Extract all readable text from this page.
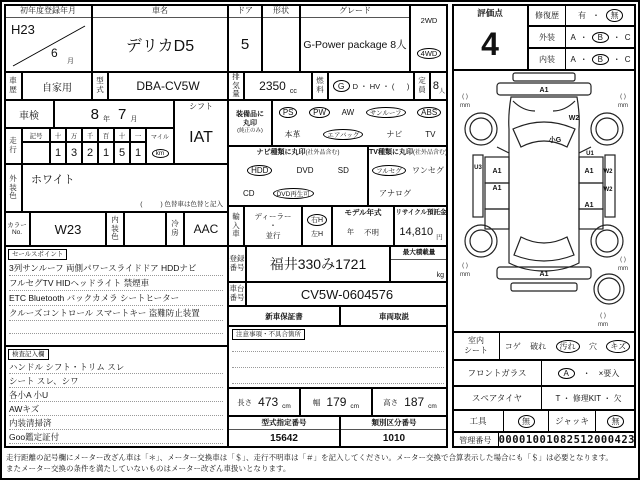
初年度登録年月
H23
6
月
車名
デリカD5
ドア
5
形状	グレード
G-Power package 8人
2WD
4WD
車歴	自家用
型式	DBA-CV5W
排気量
2350 cc
燃料	G	D ・ HV ・ (      )
定員 8 人
車検	8 年 7 月
シフト
IAT
走行
記号	十	万	千	百	十	一
1 3 2 1 5 1
マイル
km
外装色
ホワイト
(          ) 色替車は色替と記入
カラー
No.	W23
内装色
冷房	AAC
セールスポイント
3列サンルーフ 両側パワースライドドア HDDナビ
フルセグTV HIDヘッドライト 禁煙車
ETC Bluetooth バックカメラ シートヒーター
クルーズコントロール スマートキー 盗難防止装置
検査記入欄
ハンドル シフト・トリム スレ
シート スレ、シワ
各小A 小U
AWキズ
内装清掃済
Goo鑑定証付
装備品に
丸印
(純正のみ)
PS	PW	AW	サンルーフ	ABS
本革	エアバッグ	ナビ	TV
ナビ種類に丸印(社外品含む)
HDD	DVD	SD
CD	DVD再生可
TV種類に丸印(社外品含む)
フルセグ	ワンセグ
アナログ
輸入車
ディーラー
・
並行
右H
左H
モデル年式
年 不明
リサイクル預託金
14,810 円
登録番号	福井330み1721
最大積載量
kg
車台番号	CV5W-0604576
新車保証書	車両取説
注意事項・不具合箇所
長さ 473 cm	幅 179 cm	高さ 187 cm
型式指定番号
15642
類別区分番号
1010
評価点
4
修復歴	有 ・	無
外装	A ・	B	・ C
内装	A ・	B	・ C
A1
W2
小G
U3 A1
A1
U1
A1 W2
W2
A1
A1
( )
mm
( )
mm
( )
mm
( )
mm
( )
mm
室内
シート コゲ 破れ	汚れ	穴	キズ
フロントガラス	A	・ ×要入
スペアタイヤ	T ・ 修理KIT ・ 欠
工具	無	ジャッキ	無
管理番号 00001001082512000423
走行距離の記号欄にメーター改ざん車は「＊」、メーター交換車は「＄」、走行不明車は「＃」を記入してください。メーター交換で合算表示した場合にも「＄」は必要となります。
またメーター交換の条件を満たしていないものはメーター改ざん車扱いとなります。
